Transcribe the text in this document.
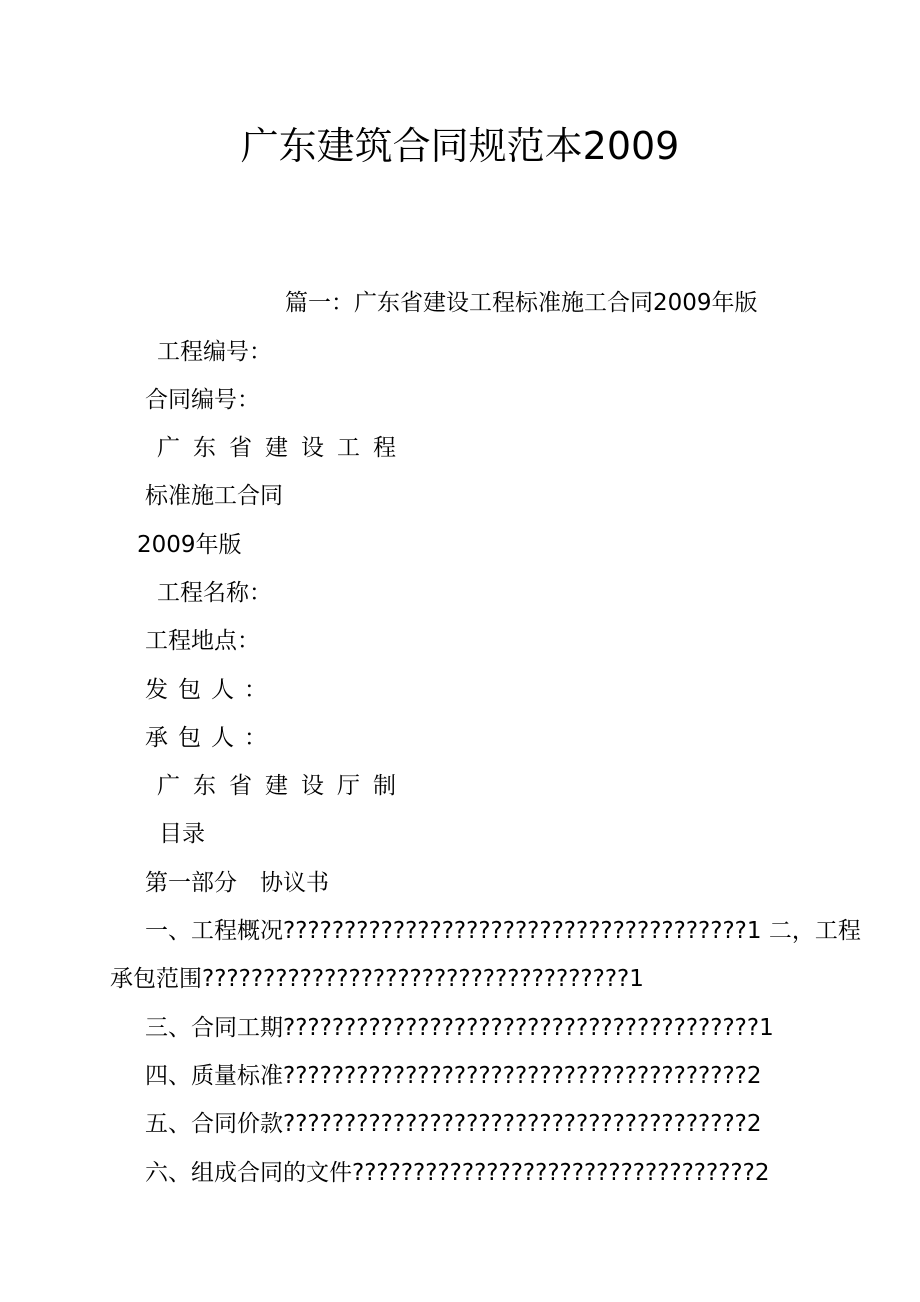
广东建筑合同规范本2009
篇一：广东省建设工程标准施工合同2009年版
工程编号：
合同编号：
广东省建设工程
标准施工合同
2009年版
工程名称：
工程地点：
发包人：
承包人：
广东省建设厅制
目录
第一部分　协议书
一、工程概况??????????????????????????????????????1 二，工程
承包范围???????????????????????????????????1
三、合同工期???????????????????????????????????????1
四、质量标准??????????????????????????????????????2
五、合同价款??????????????????????????????????????2
六、组成合同的文件?????????????????????????????????2
